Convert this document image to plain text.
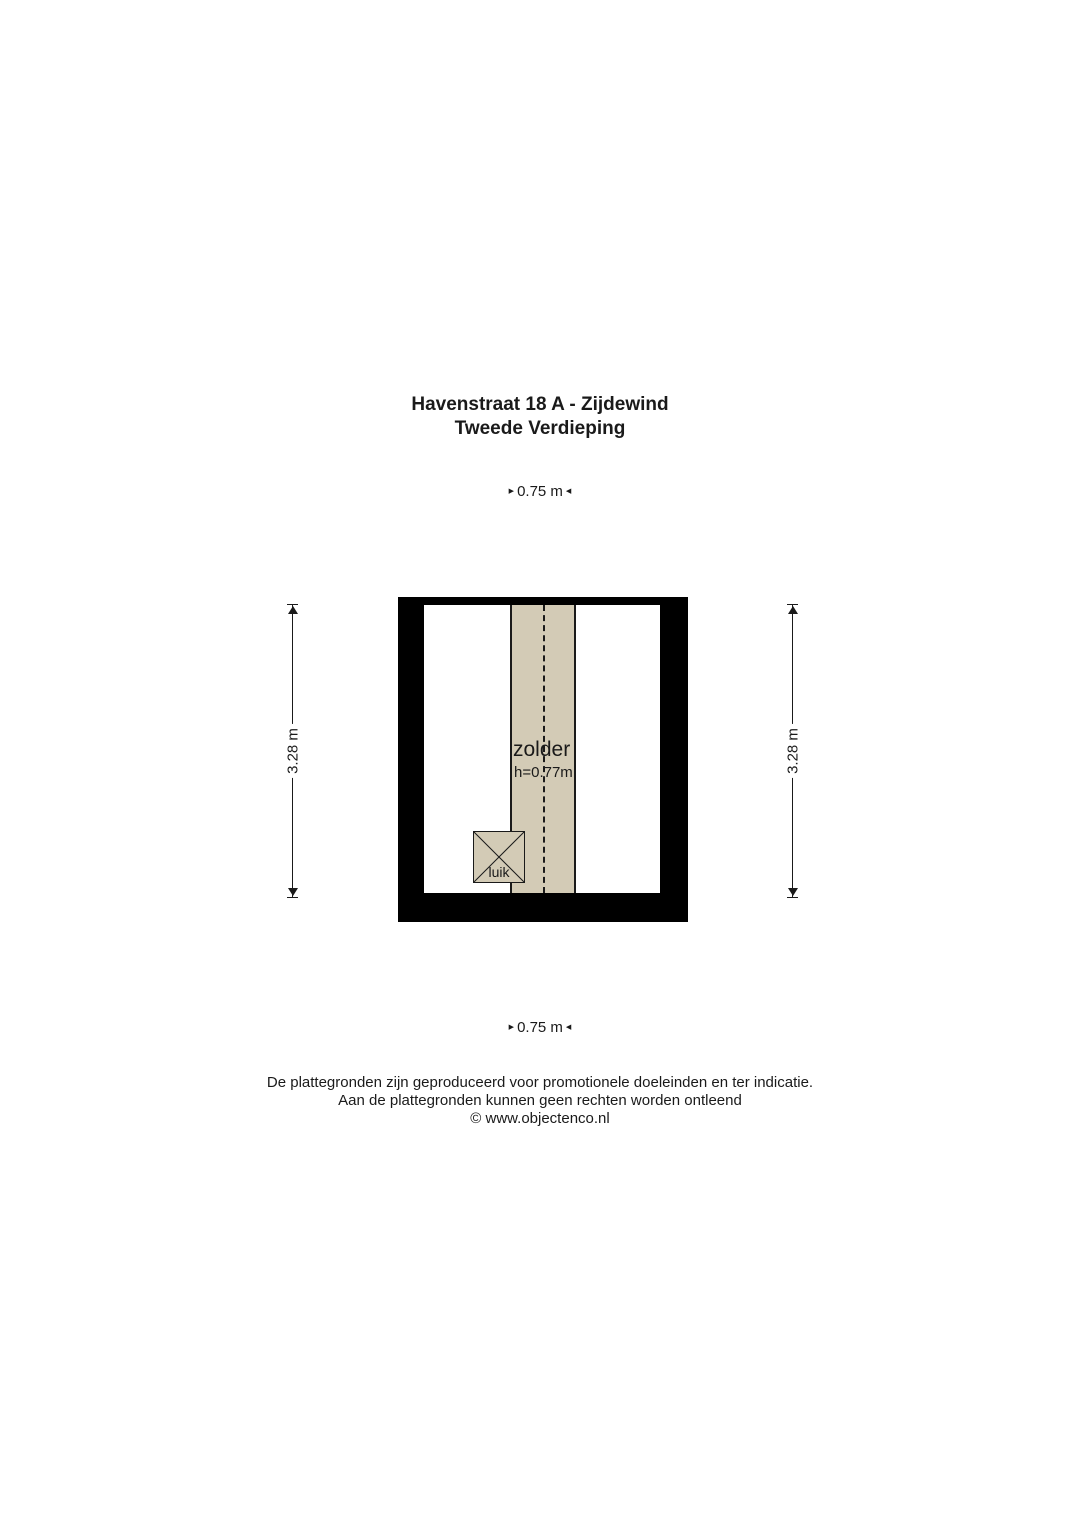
Havenstraat 18 A - Zijdewind
Tweede Verdieping
▶ 0.75 m ◀
3.28 m	3.28 m
zolder
h=0.77m
luik
▶ 0.75 m ◀
De plattegronden zijn geproduceerd voor promotionele doeleinden en ter indicatie.
Aan de plattegronden kunnen geen rechten worden ontleend
© www.objectenco.nl
